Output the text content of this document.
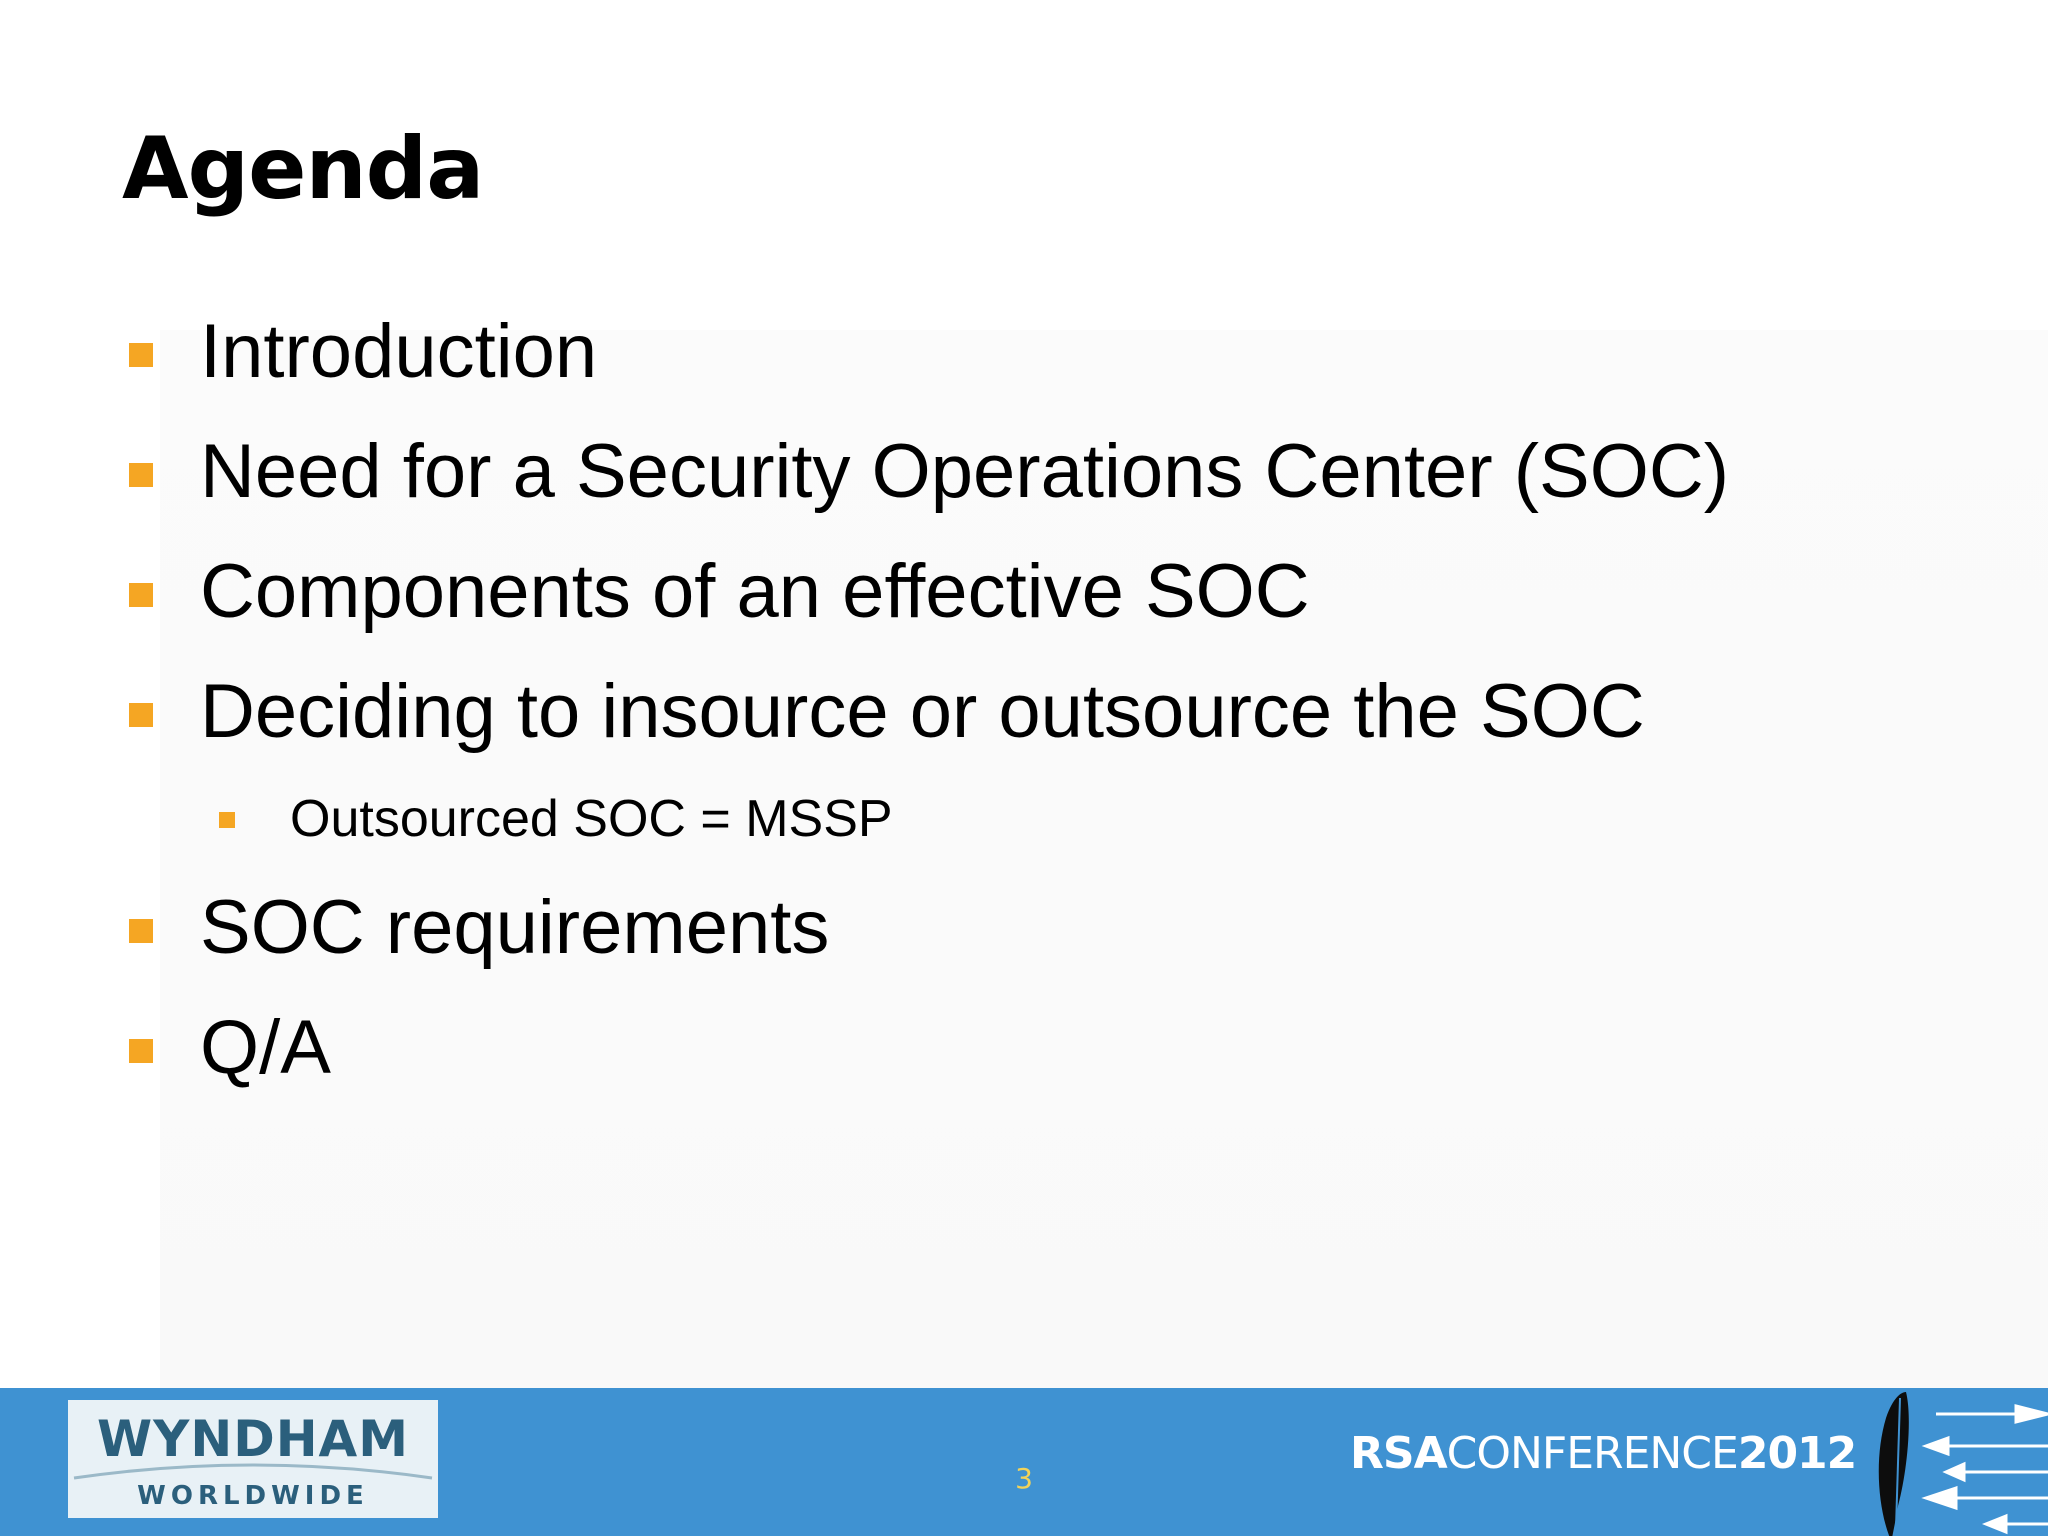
Agenda
Introduction
Need for a Security Operations Center (SOC)
Components of an effective SOC
Deciding to insource or outsource the SOC
Outsourced SOC = MSSP
SOC requirements
Q/A
WYNDHAM
WORLDWIDE
3	RSACONFERENCE2012
